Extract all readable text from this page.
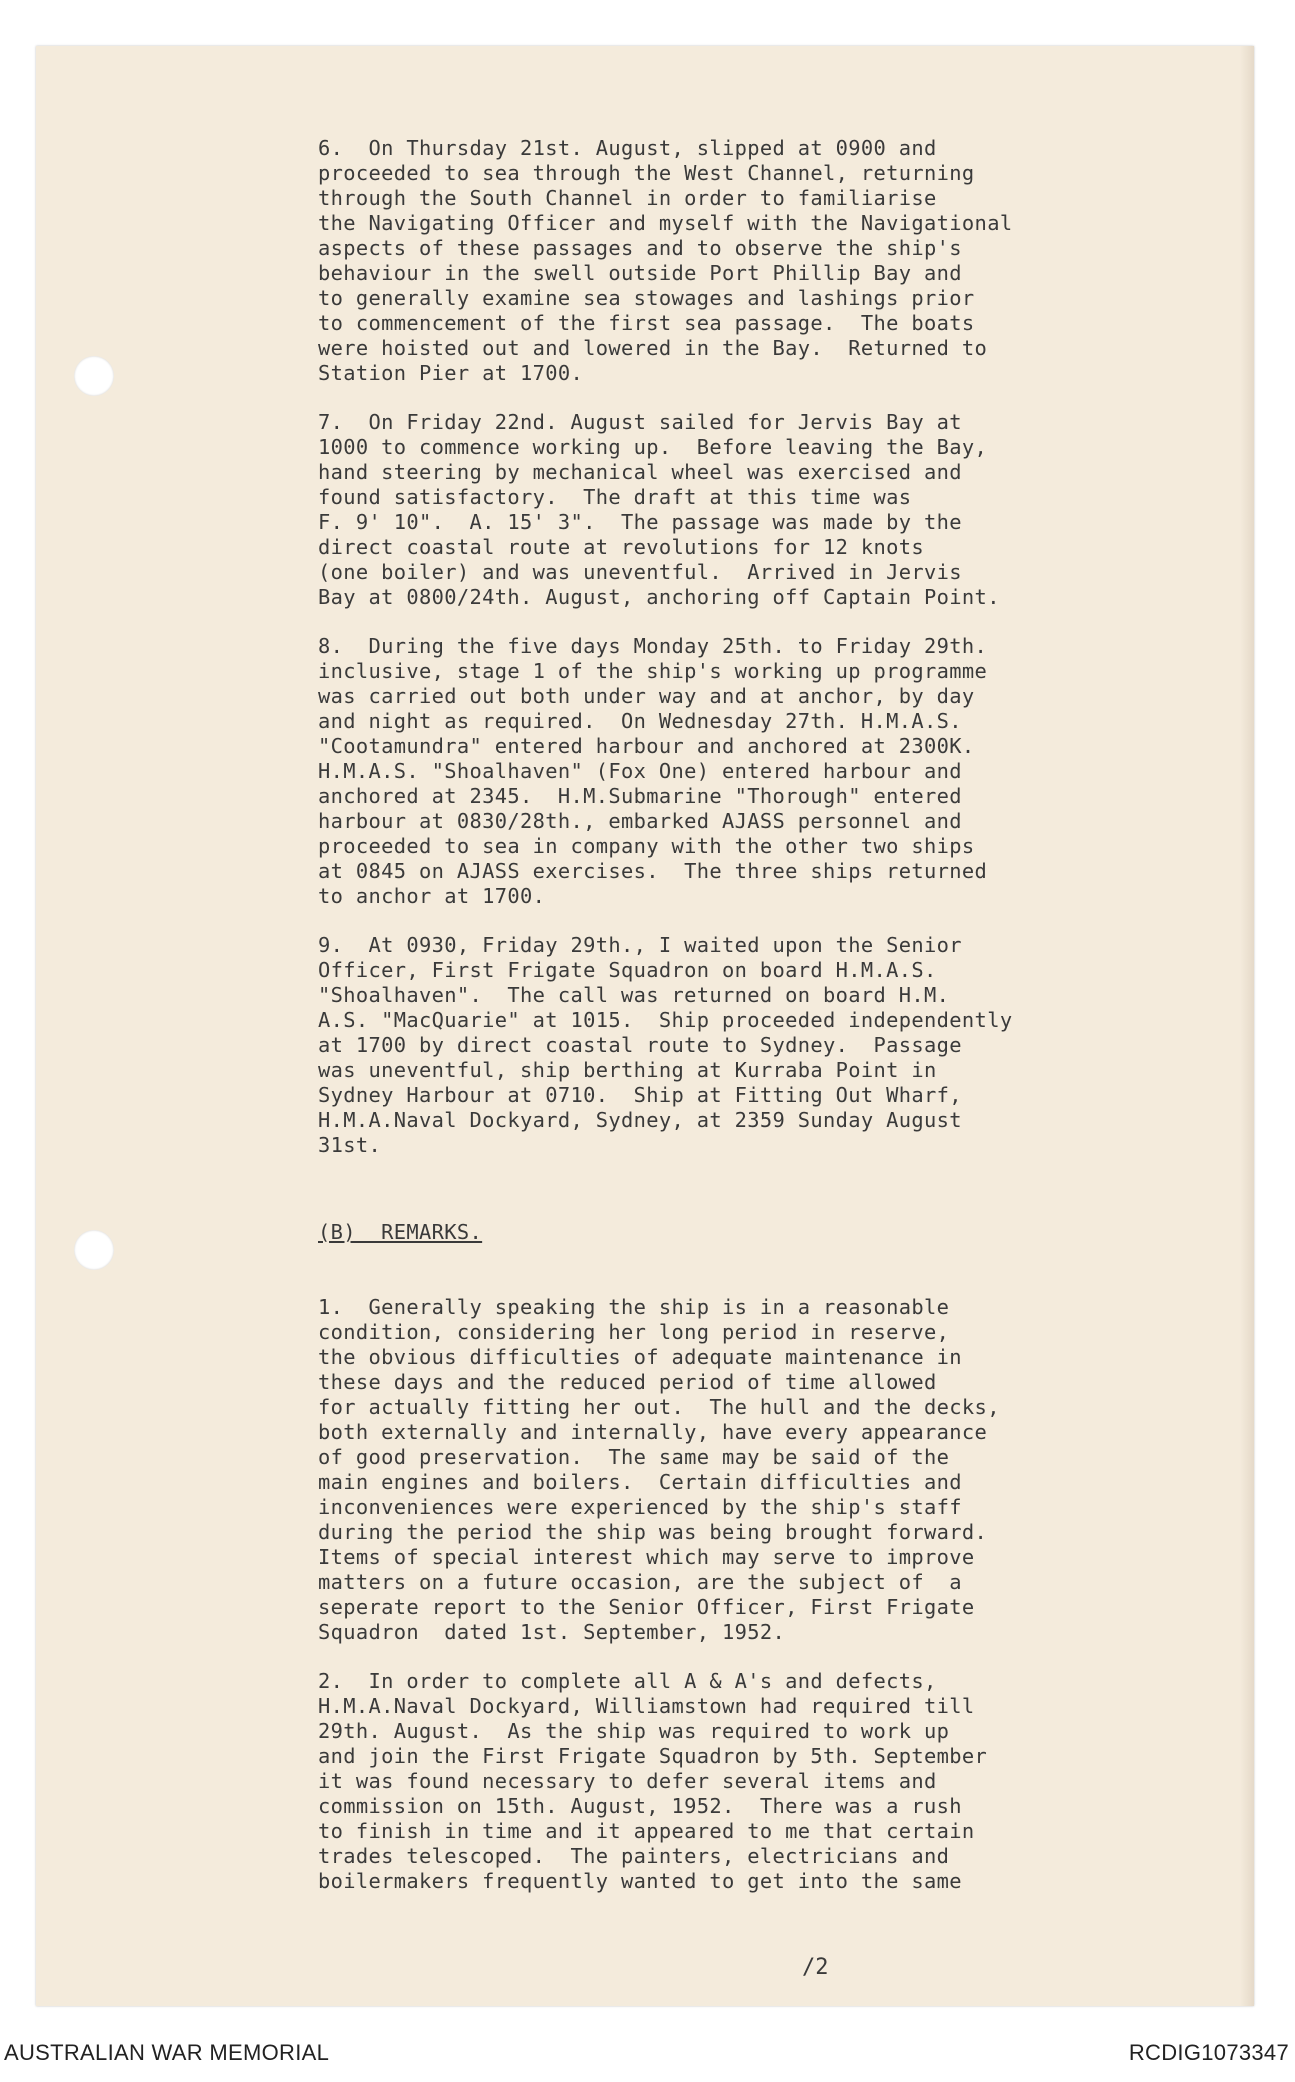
6.  On Thursday 21st. August, slipped at 0900 and
proceeded to sea through the West Channel, returning
through the South Channel in order to familiarise
the Navigating Officer and myself with the Navigational
aspects of these passages and to observe the ship's
behaviour in the swell outside Port Phillip Bay and
to generally examine sea stowages and lashings prior
to commencement of the first sea passage.  The boats
were hoisted out and lowered in the Bay.  Returned to
Station Pier at 1700.
7.  On Friday 22nd. August sailed for Jervis Bay at
1000 to commence working up.  Before leaving the Bay,
hand steering by mechanical wheel was exercised and
found satisfactory.  The draft at this time was
F. 9' 10".  A. 15' 3".  The passage was made by the
direct coastal route at revolutions for 12 knots
(one boiler) and was uneventful.  Arrived in Jervis
Bay at 0800/24th. August, anchoring off Captain Point.
8.  During the five days Monday 25th. to Friday 29th.
inclusive, stage 1 of the ship's working up programme
was carried out both under way and at anchor, by day
and night as required.  On Wednesday 27th. H.M.A.S.
"Cootamundra" entered harbour and anchored at 2300K.
H.M.A.S. "Shoalhaven" (Fox One) entered harbour and
anchored at 2345.  H.M.Submarine "Thorough" entered
harbour at 0830/28th., embarked AJASS personnel and
proceeded to sea in company with the other two ships
at 0845 on AJASS exercises.  The three ships returned
to anchor at 1700.
9.  At 0930, Friday 29th., I waited upon the Senior
Officer, First Frigate Squadron on board H.M.A.S.
"Shoalhaven".  The call was returned on board H.M.
A.S. "MacQuarie" at 1015.  Ship proceeded independently
at 1700 by direct coastal route to Sydney.  Passage
was uneventful, ship berthing at Kurraba Point in
Sydney Harbour at 0710.  Ship at Fitting Out Wharf,
H.M.A.Naval Dockyard, Sydney, at 2359 Sunday August
31st.
(B)  REMARKS.
1.  Generally speaking the ship is in a reasonable
condition, considering her long period in reserve,
the obvious difficulties of adequate maintenance in
these days and the reduced period of time allowed
for actually fitting her out.  The hull and the decks,
both externally and internally, have every appearance
of good preservation.  The same may be said of the
main engines and boilers.  Certain difficulties and
inconveniences were experienced by the ship's staff
during the period the ship was being brought forward.
Items of special interest which may serve to improve
matters on a future occasion, are the subject of  a
seperate report to the Senior Officer, First Frigate
Squadron  dated 1st. September, 1952.
2.  In order to complete all A & A's and defects,
H.M.A.Naval Dockyard, Williamstown had required till
29th. August.  As the ship was required to work up
and join the First Frigate Squadron by 5th. September
it was found necessary to defer several items and
commission on 15th. August, 1952.  There was a rush
to finish in time and it appeared to me that certain
trades telescoped.  The painters, electricians and
boilermakers frequently wanted to get into the same
/2
AUSTRALIAN WAR MEMORIAL	RCDIG1073347
